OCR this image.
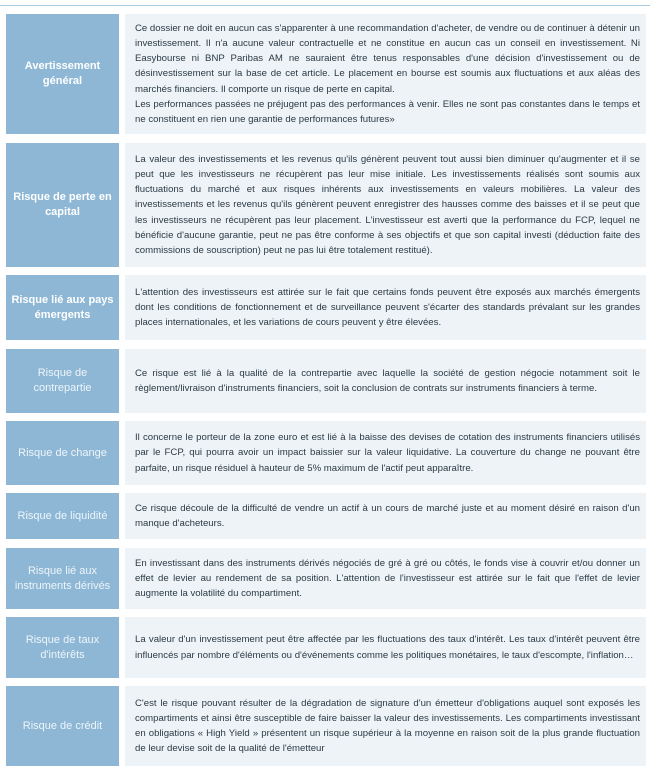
Avertissement général

Ce dossier ne doit en aucun cas s'apparenter à une recommandation d'acheter, de vendre ou de continuer à détenir un investissement. Il n'a aucune valeur contractuelle et ne constitue en aucun cas un conseil en investissement. Ni Easybourse ni BNP Paribas AM ne sauraient être tenus responsables d'une décision d'investissement ou de désinvestissement sur la base de cet article. Le placement en bourse est soumis aux fluctuations et aux aléas des marchés financiers. Il comporte un risque de perte en capital.

Les performances passées ne préjugent pas des performances à venir. Elles ne sont pas constantes dans le temps et ne constituent en rien une garantie de performances futures»

Risque de perte en capital

La valeur des investissements et les revenus qu'ils génèrent peuvent tout aussi bien diminuer qu'augmenter et il se peut que les investisseurs ne récupèrent pas leur mise initiale. Les investissements réalisés sont soumis aux fluctuations du marché et aux risques inhérents aux investissements en valeurs mobilières. La valeur des investissements et les revenus qu'ils génèrent peuvent enregistrer des hausses comme des baisses et il se peut que les investisseurs ne récupèrent pas leur placement. L'investisseur est averti que la performance du FCP, lequel ne bénéficie d'aucune garantie, peut ne pas être conforme à ses objectifs et que son capital investi (déduction faite des commissions de souscription) peut ne pas lui être totalement restitué).

Risque lié aux pays émergents

L'attention des investisseurs est attirée sur le fait que certains fonds peuvent être exposés aux marchés émergents dont les conditions de fonctionnement et de surveillance peuvent s'écarter des standards prévalant sur les grandes places internationales, et les variations de cours peuvent y être élevées.

Risque de contrepartie

Ce risque est lié à la qualité de la contrepartie avec laquelle la société de gestion négocie notamment soit le règlement/livraison d'instruments financiers, soit la conclusion de contrats sur instruments financiers à terme.

Risque de change

Il concerne le porteur de la zone euro et est lié à la baisse des devises de cotation des instruments financiers utilisés par le FCP, qui pourra avoir un impact baissier sur la valeur liquidative. La couverture du change ne pouvant être parfaite, un risque résiduel à hauteur de 5% maximum de l'actif peut apparaître.

Risque de liquidité

Ce risque découle de la difficulté de vendre un actif à un cours de marché juste et au moment désiré en raison d'un manque d'acheteurs.

Risque lié aux instruments dérivés

En investissant dans des instruments dérivés négociés de gré à gré ou côtés, le fonds vise à couvrir et/ou donner un effet de levier au rendement de sa position. L'attention de l'investisseur est attirée sur le fait que l'effet de levier augmente la volatilité du compartiment.

Risque de taux d'intérêts

La valeur d'un investissement peut être affectée par les fluctuations des taux d'intérêt. Les taux d'intérêt peuvent être influencés par nombre d'éléments ou d'événements comme les politiques monétaires, le taux d'escompte, l'inflation…

Risque de crédit

C'est le risque pouvant résulter de la dégradation de signature d'un émetteur d'obligations auquel sont exposés les compartiments et ainsi être susceptible de faire baisser la valeur des investissements. Les compartiments investissant en obligations « High Yield » présentent un risque supérieur à la moyenne en raison soit de la plus grande fluctuation de leur devise soit de la qualité de l'émetteur
